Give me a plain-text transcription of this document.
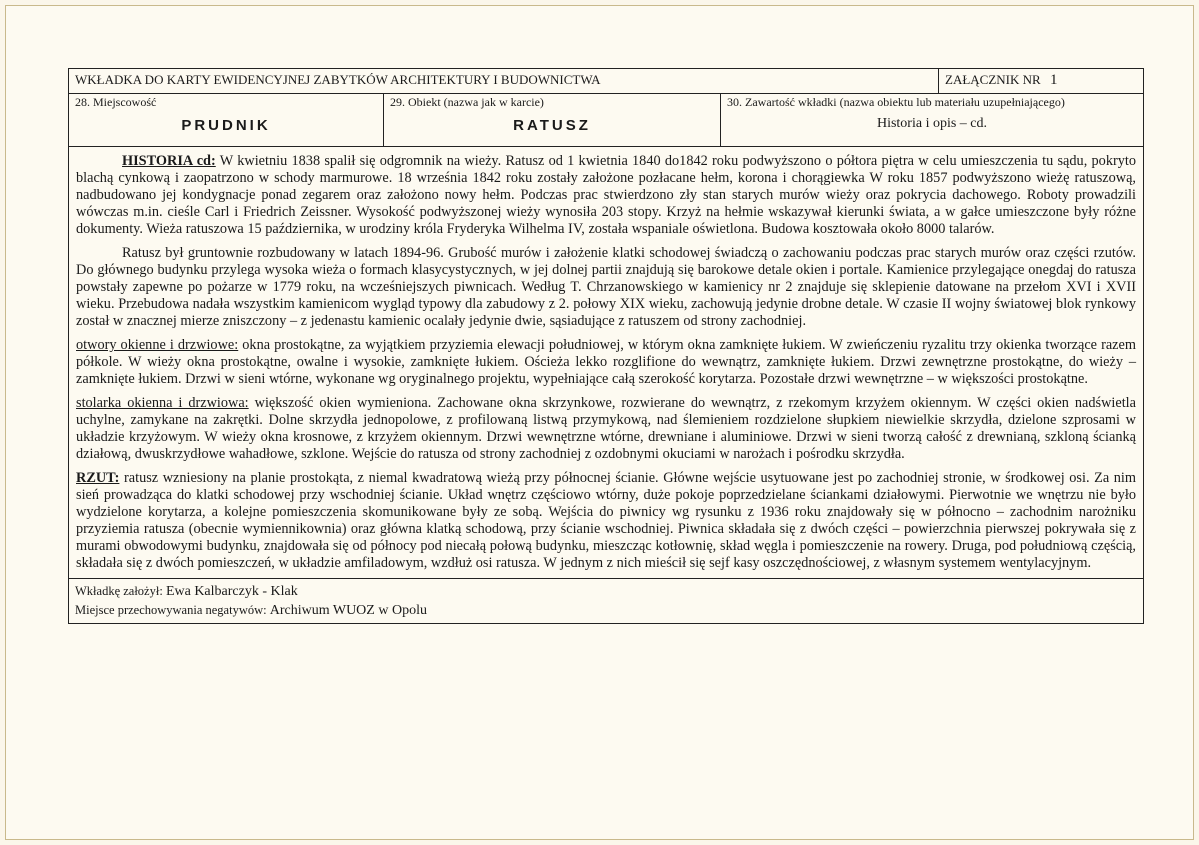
WKŁADKA DO KARTY EWIDENCYJNEJ ZABYTKÓW ARCHITEKTURY I BUDOWNICTWA	ZAŁĄCZNIK NR 1
28. Miejscowość
PRUDNIK
29. Obiekt (nazwa jak w karcie)
RATUSZ
30. Zawartość wkładki (nazwa obiektu lub materiału uzupełniającego)
Historia i opis – cd.

HISTORIA cd: W kwietniu 1838 spalił się odgromnik na wieży. Ratusz od 1 kwietnia 1840 do1842 roku podwyższono o półtora piętra w celu umieszczenia tu sądu, pokryto blachą cynkową i zaopatrzono w schody marmurowe. 18 września 1842 roku zostały założone pozłacane hełm, korona i chorągiewka W roku 1857 podwyższono wieżę ratuszową, nadbudowano jej kondygnacje ponad zegarem oraz założono nowy hełm. Podczas prac stwierdzono zły stan starych murów wieży oraz pokrycia dachowego. Roboty prowadzili wówczas m.in. cieśle Carl i Friedrich Zeissner. Wysokość podwyższonej wieży wynosiła 203 stopy. Krzyż na hełmie wskazywał kierunki świata, a w gałce umieszczone były różne dokumenty. Wieża ratuszowa 15 października, w urodziny króla Fryderyka Wilhelma IV, została wspaniale oświetlona. Budowa kosztowała około 8000 talarów.

Ratusz był gruntownie rozbudowany w latach 1894-96. Grubość murów i założenie klatki schodowej świadczą o zachowaniu podczas prac starych murów oraz części rzutów. Do głównego budynku przylega wysoka wieża o formach klasycystycznych, w jej dolnej partii znajdują się barokowe detale okien i portale. Kamienice przylegające onegdaj do ratusza powstały zapewne po pożarze w 1779 roku, na wcześniejszych piwnicach. Według T. Chrzanowskiego w kamienicy nr 2 znajduje się sklepienie datowane na przełom XVI i XVII wieku. Przebudowa nadała wszystkim kamienicom wygląd typowy dla zabudowy z 2. połowy XIX wieku, zachowują jedynie drobne detale. W czasie II wojny światowej blok rynkowy został w znacznej mierze zniszczony – z jedenastu kamienic ocalały jedynie dwie, sąsiadujące z ratuszem od strony zachodniej.

otwory okienne i drzwiowe: okna prostokątne, za wyjątkiem przyziemia elewacji południowej, w którym okna zamknięte łukiem. W zwieńczeniu ryzalitu trzy okienka tworzące razem półkole. W wieży okna prostokątne, owalne i wysokie, zamknięte łukiem. Ościeża lekko rozglifione do wewnątrz, zamknięte łukiem. Drzwi zewnętrzne prostokątne, do wieży – zamknięte łukiem. Drzwi w sieni wtórne, wykonane wg oryginalnego projektu, wypełniające całą szerokość korytarza. Pozostałe drzwi wewnętrzne – w większości prostokątne.

stolarka okienna i drzwiowa: większość okien wymieniona. Zachowane okna skrzynkowe, rozwierane do wewnątrz, z rzekomym krzyżem okiennym. W części okien nadświetla uchylne, zamykane na zakrętki. Dolne skrzydła jednopolowe, z profilowaną listwą przymykową, nad ślemieniem rozdzielone słupkiem niewielkie skrzydła, dzielone szprosami w układzie krzyżowym. W wieży okna krosnowe, z krzyżem okiennym. Drzwi wewnętrzne wtórne, drewniane i aluminiowe. Drzwi w sieni tworzą całość z drewnianą, szkloną ścianką działową, dwuskrzydłowe wahadłowe, szklone. Wejście do ratusza od strony zachodniej z ozdobnymi okuciami w narożach i pośrodku skrzydła.

RZUT: ratusz wzniesiony na planie prostokąta, z niemal kwadratową wieżą przy północnej ścianie. Główne wejście usytuowane jest po zachodniej stronie, w środkowej osi. Za nim sień prowadząca do klatki schodowej przy wschodniej ścianie. Układ wnętrz częściowo wtórny, duże pokoje poprzedzielane ściankami działowymi. Pierwotnie we wnętrzu nie było wydzielone korytarza, a kolejne pomieszczenia skomunikowane były ze sobą. Wejścia do piwnicy wg rysunku z 1936 roku znajdowały się w północno – zachodnim narożniku przyziemia ratusza (obecnie wymiennikownia) oraz główna klatką schodową, przy ścianie wschodniej. Piwnica składała się z dwóch części – powierzchnia pierwszej pokrywała się z murami obwodowymi budynku, znajdowała się od północy pod niecałą połową budynku, mieszcząc kotłownię, skład węgla i pomieszczenie na rowery. Druga, pod południową częścią, składała się z dwóch pomieszczeń, w układzie amfiladowym, wzdłuż osi ratusza. W jednym z nich mieścił się sejf kasy oszczędnościowej, z własnym systemem wentylacyjnym.

Wkładkę założył: Ewa Kalbarczyk - Klak
Miejsce przechowywania negatywów: Archiwum WUOZ w Opolu
